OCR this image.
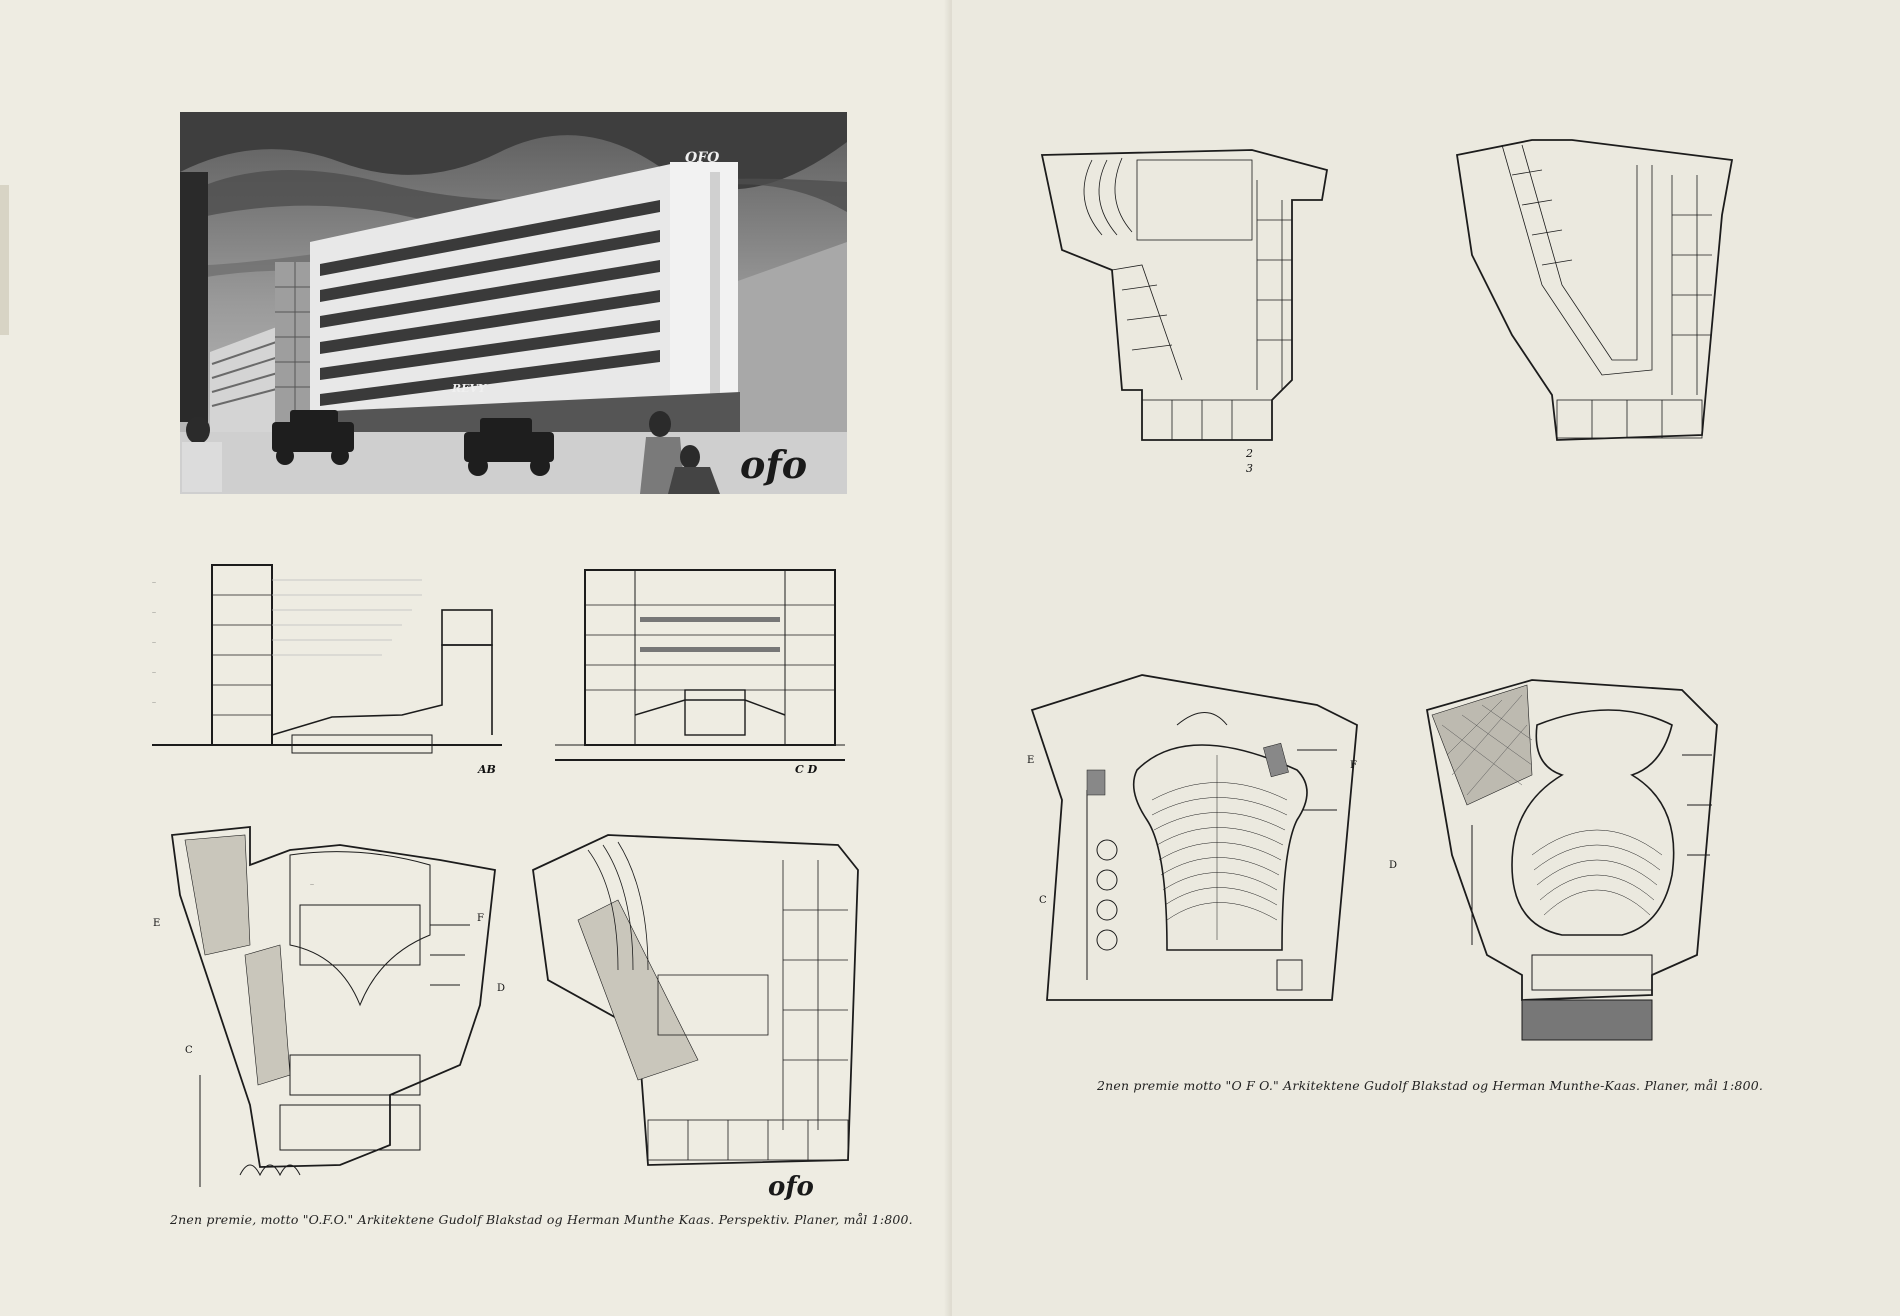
OFO
REVY
ofo
—
—
—
—
—
AB	C D
—
E
C
F
D
ofo
2nen premie, motto "O.F.O." Arkitektene Gudolf Blakstad og Herman Munthe Kaas. Perspektiv. Planer, mål 1:800.
2
3
E
C
F
D
2nen premie motto "O F O." Arkitektene Gudolf Blakstad og Herman Munthe-Kaas. Planer, mål 1:800.
